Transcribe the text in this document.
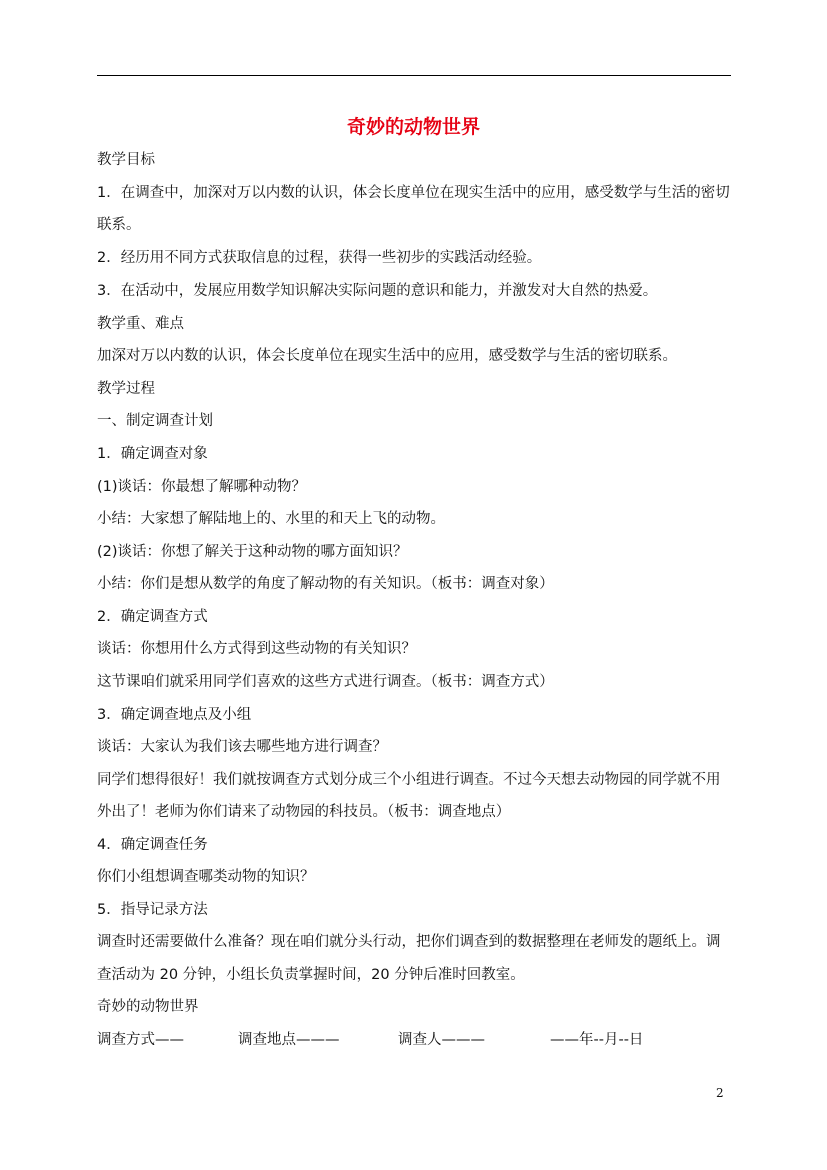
奇妙的动物世界
教学目标
1．在调查中，加深对万以内数的认识，体会长度单位在现实生活中的应用，感受数学与生活的密切
联系。
2．经历用不同方式获取信息的过程，获得一些初步的实践活动经验。
3．在活动中，发展应用数学知识解决实际问题的意识和能力，并激发对大自然的热爱。
教学重、难点
加深对万以内数的认识，体会长度单位在现实生活中的应用，感受数学与生活的密切联系。
教学过程
一、制定调查计划
1．确定调查对象
(1)谈话：你最想了解哪种动物？
小结：大家想了解陆地上的、水里的和天上飞的动物。
(2)谈话：你想了解关于这种动物的哪方面知识？
小结：你们是想从数学的角度了解动物的有关知识。（板书：调查对象）
2．确定调查方式
谈话：你想用什么方式得到这些动物的有关知识？
这节课咱们就采用同学们喜欢的这些方式进行调查。（板书：调查方式）
3．确定调查地点及小组
谈话：大家认为我们该去哪些地方进行调查？
同学们想得很好！我们就按调查方式划分成三个小组进行调查。不过今天想去动物园的同学就不用
外出了！老师为你们请来了动物园的科技员。（板书：调查地点）
4．确定调查任务
你们小组想调查哪类动物的知识？
5．指导记录方法
调查时还需要做什么准备？现在咱们就分头行动，把你们调查到的数据整理在老师发的题纸上。调
查活动为 20 分钟，小组长负责掌握时间，20 分钟后准时回教室。
奇妙的动物世界
调查方式——	调查地点———	调查人———	——年--月--日
2
